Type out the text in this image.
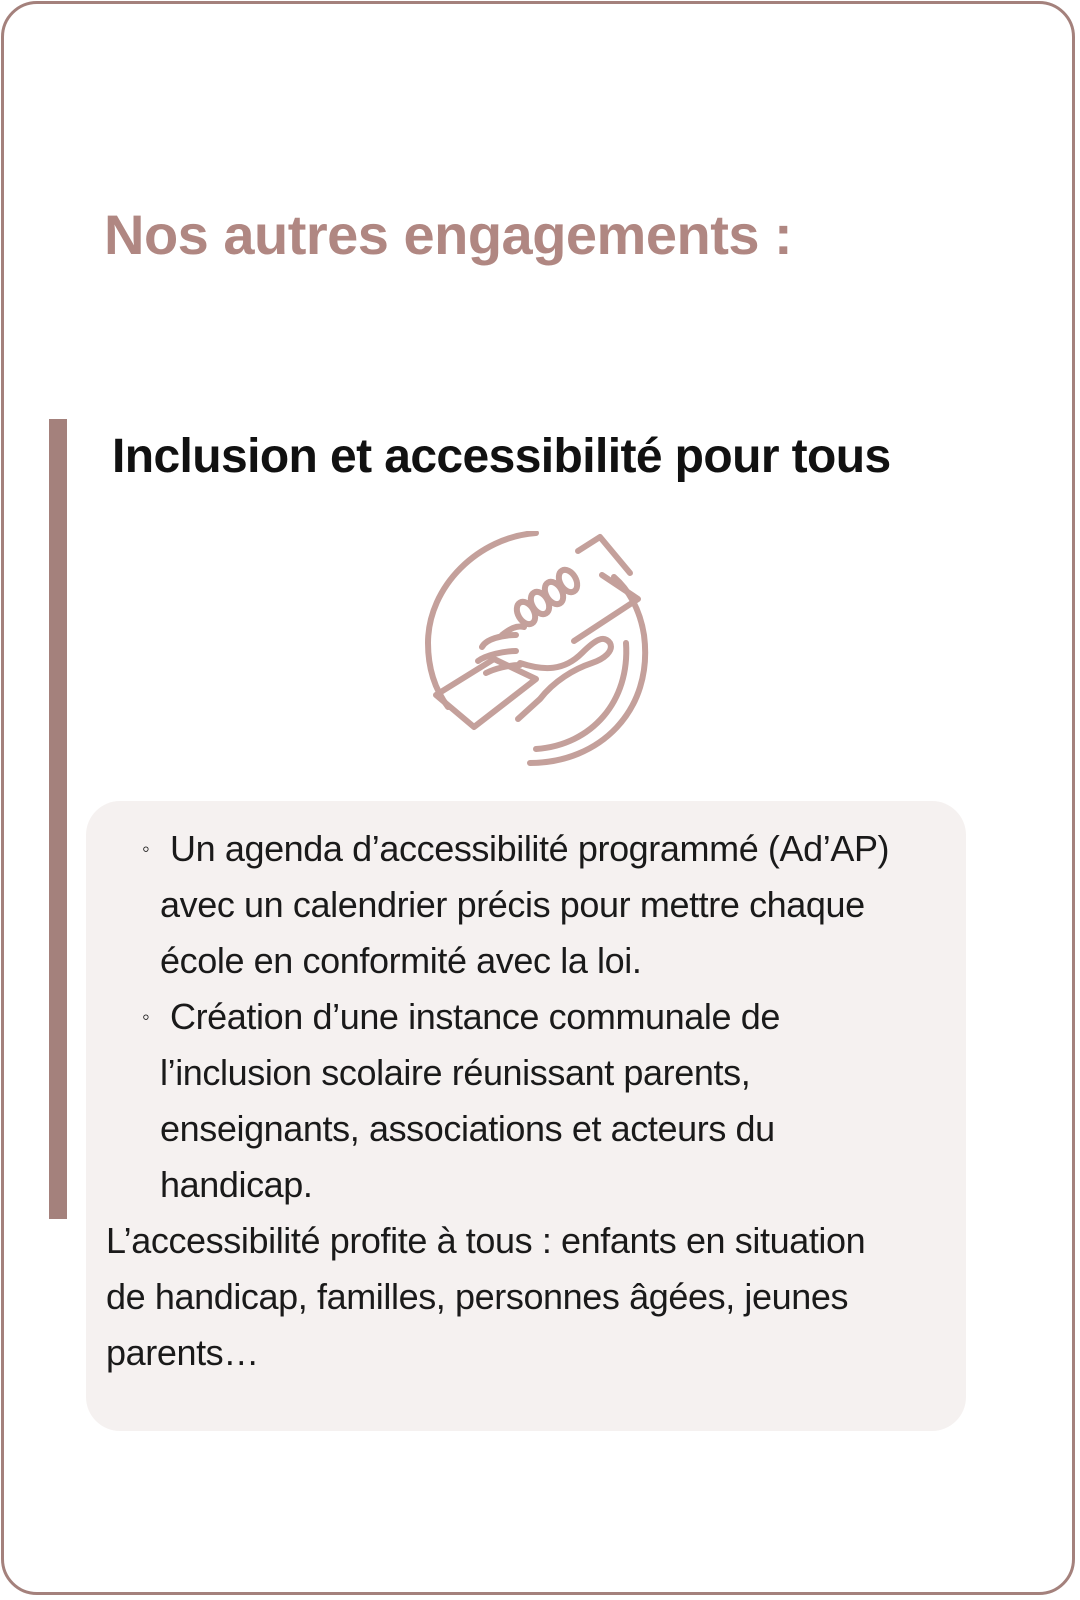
Nos autres engagements :
Inclusion et accessibilité pour tous
◦ Un agenda d’accessibilité programmé (Ad’AP)
avec un calendrier précis pour mettre chaque
école en conformité avec la loi.
◦ Création d’une instance communale de
l’inclusion scolaire réunissant parents,
enseignants, associations et acteurs du
handicap.
L’accessibilité profite à tous : enfants en situation
de handicap, familles, personnes âgées, jeunes
parents…
